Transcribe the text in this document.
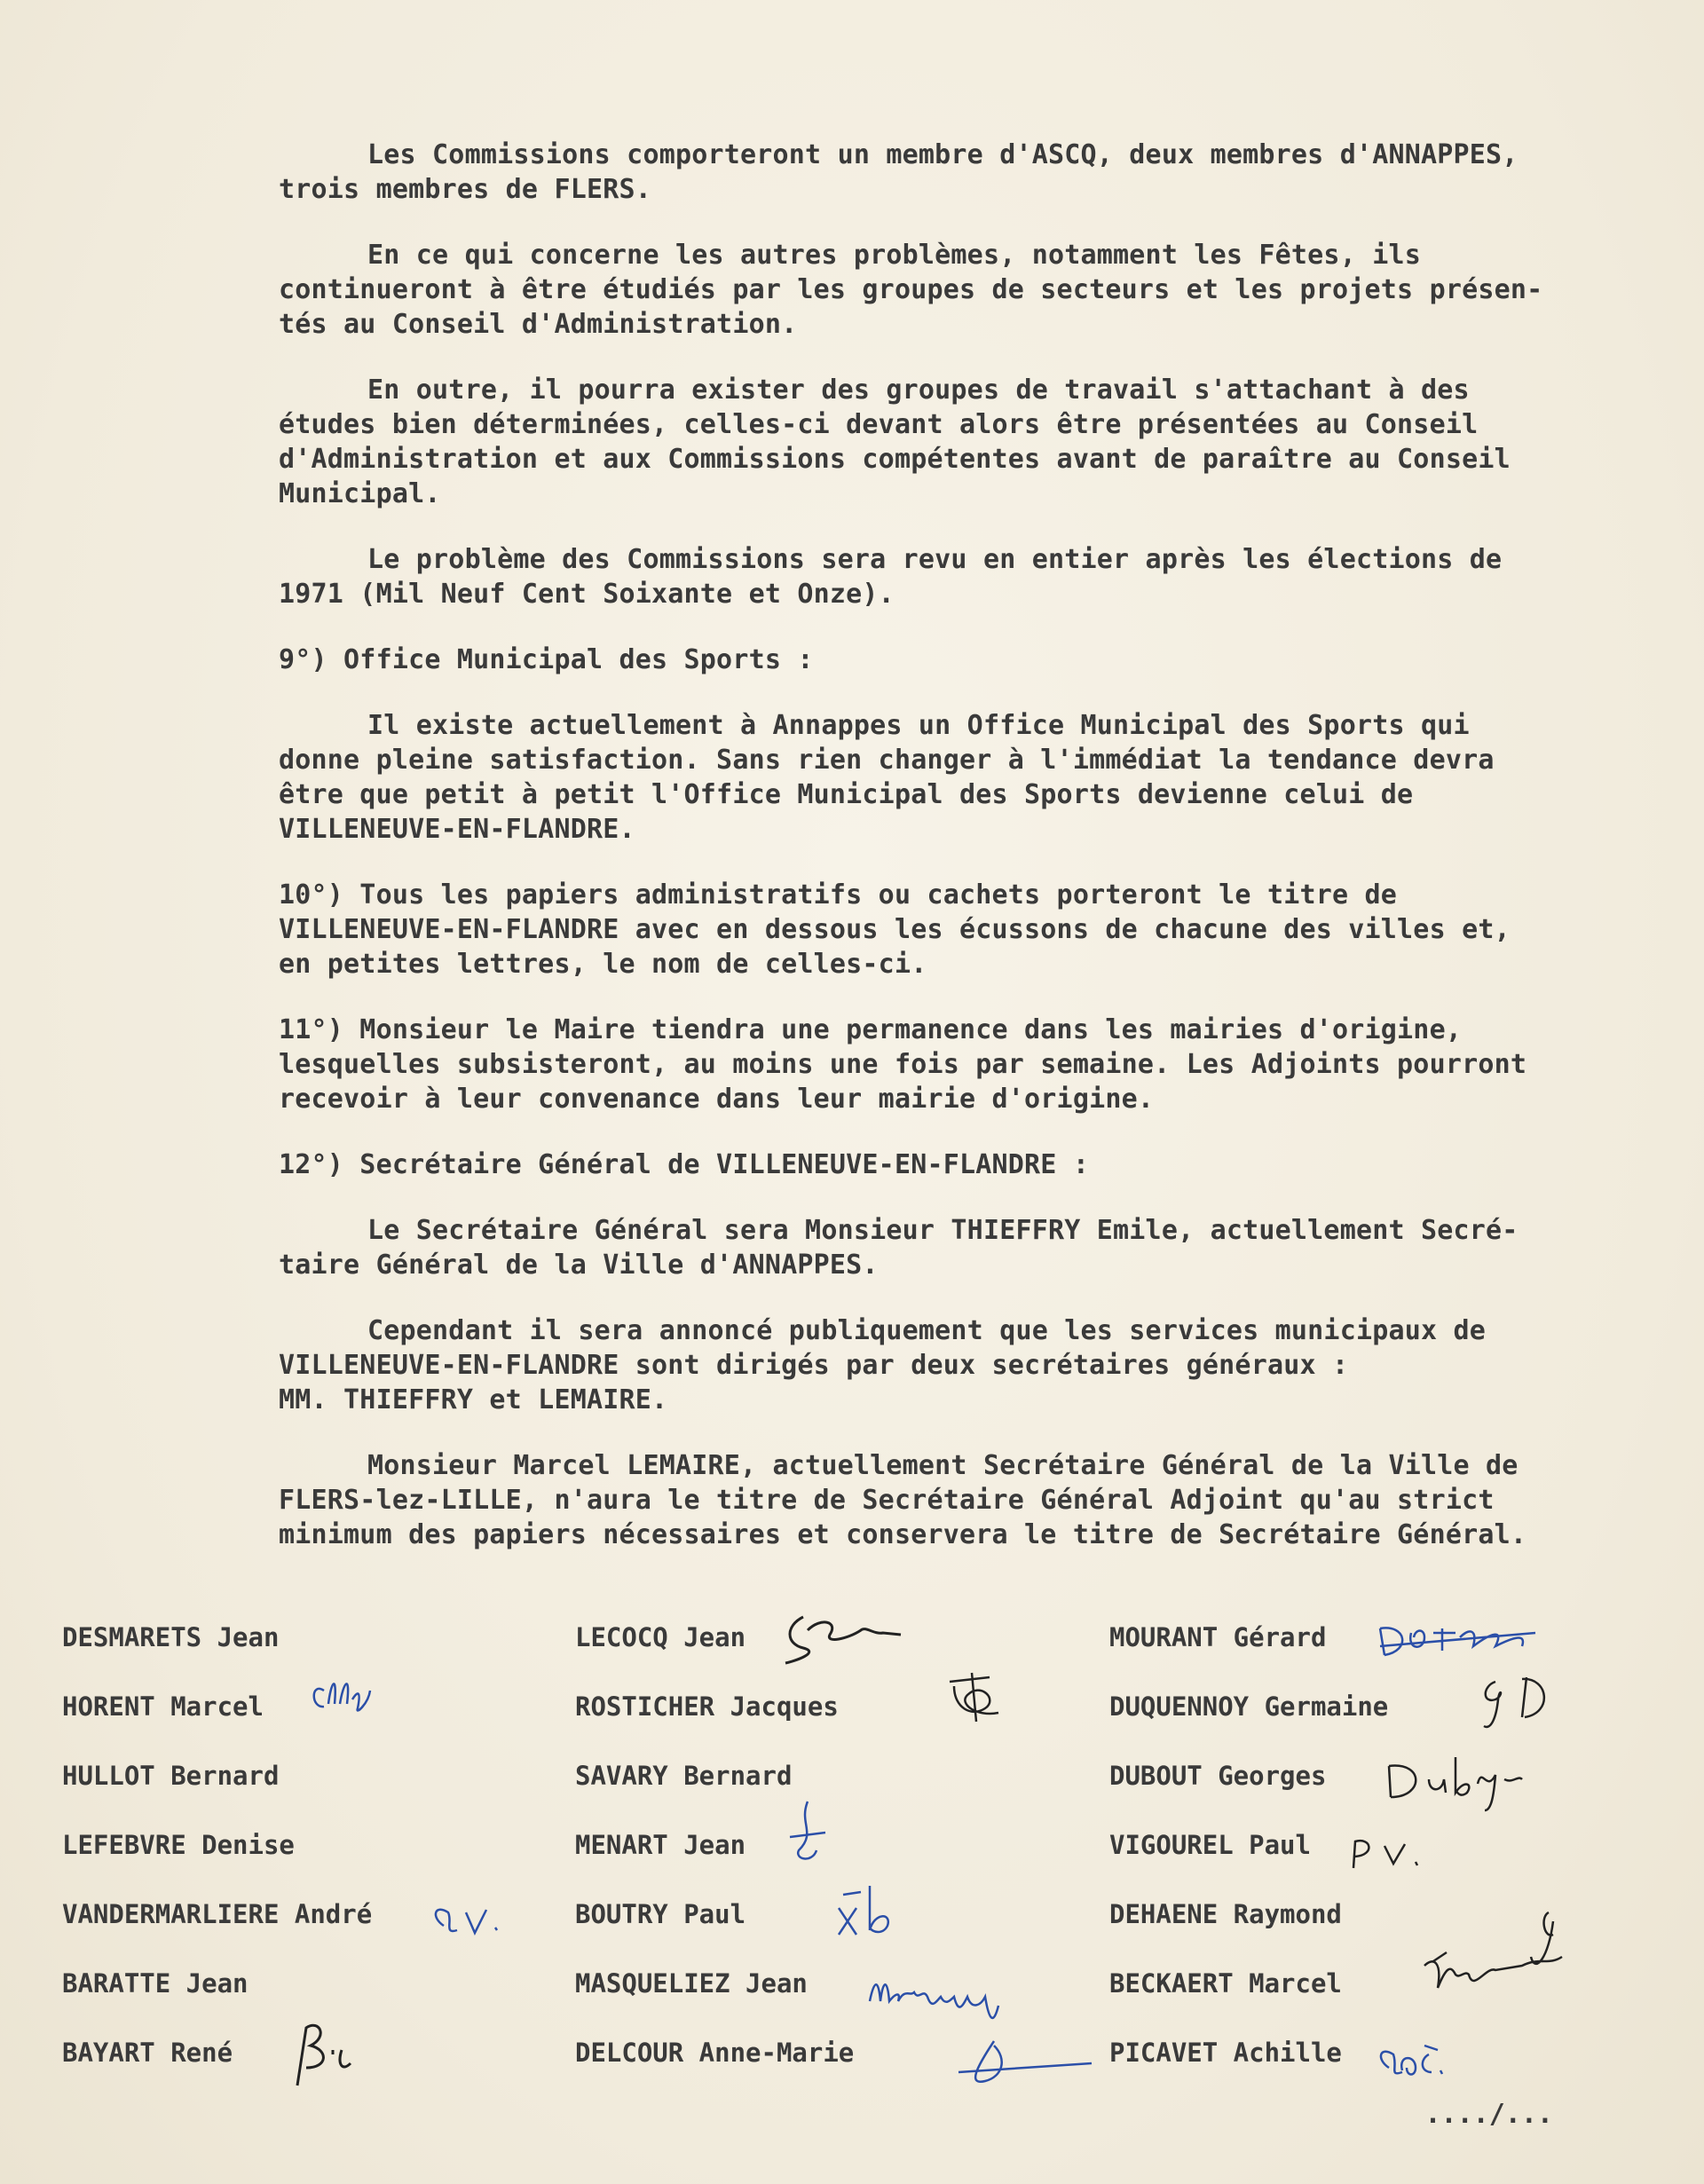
Les Commissions comporteront un membre d'ASCQ, deux membres d'ANNAPPES,
trois membres de FLERS.
En ce qui concerne les autres problèmes, notamment les Fêtes, ils
continueront à être étudiés par les groupes de secteurs et les projets présen-
tés au Conseil d'Administration.
En outre, il pourra exister des groupes de travail s'attachant à des
études bien déterminées, celles-ci devant alors être présentées au Conseil
d'Administration et aux Commissions compétentes avant de paraître au Conseil
Municipal.
Le problème des Commissions sera revu en entier après les élections de
1971 (Mil Neuf Cent Soixante et Onze).
9°) Office Municipal des Sports :
Il existe actuellement à Annappes un Office Municipal des Sports qui
donne pleine satisfaction. Sans rien changer à l'immédiat la tendance devra
être que petit à petit l'Office Municipal des Sports devienne celui de
VILLENEUVE-EN-FLANDRE.
10°) Tous les papiers administratifs ou cachets porteront le titre de
VILLENEUVE-EN-FLANDRE avec en dessous les écussons de chacune des villes et,
en petites lettres, le nom de celles-ci.
11°) Monsieur le Maire tiendra une permanence dans les mairies d'origine,
lesquelles subsisteront, au moins une fois par semaine. Les Adjoints pourront
recevoir à leur convenance dans leur mairie d'origine.
12°) Secrétaire Général de VILLENEUVE-EN-FLANDRE :
Le Secrétaire Général sera Monsieur THIEFFRY Emile, actuellement Secré-
taire Général de la Ville d'ANNAPPES.
Cependant il sera annoncé publiquement que les services municipaux de
VILLENEUVE-EN-FLANDRE sont dirigés par deux secrétaires généraux :
MM. THIEFFRY et LEMAIRE.
Monsieur Marcel LEMAIRE, actuellement Secrétaire Général de la Ville de
FLERS-lez-LILLE, n'aura le titre de Secrétaire Général Adjoint qu'au strict
minimum des papiers nécessaires et conservera le titre de Secrétaire Général.
DESMARETS Jean
HORENT Marcel
HULLOT Bernard
LEFEBVRE Denise
VANDERMARLIERE André
BARATTE Jean
BAYART René
LECOCQ Jean
ROSTICHER Jacques
SAVARY Bernard
MENART Jean
BOUTRY Paul
MASQUELIEZ Jean
DELCOUR Anne-Marie
MOURANT Gérard
DUQUENNOY Germaine
DUBOUT Georges
VIGOUREL Paul
DEHAENE Raymond
BECKAERT Marcel
PICAVET Achille
..../...
